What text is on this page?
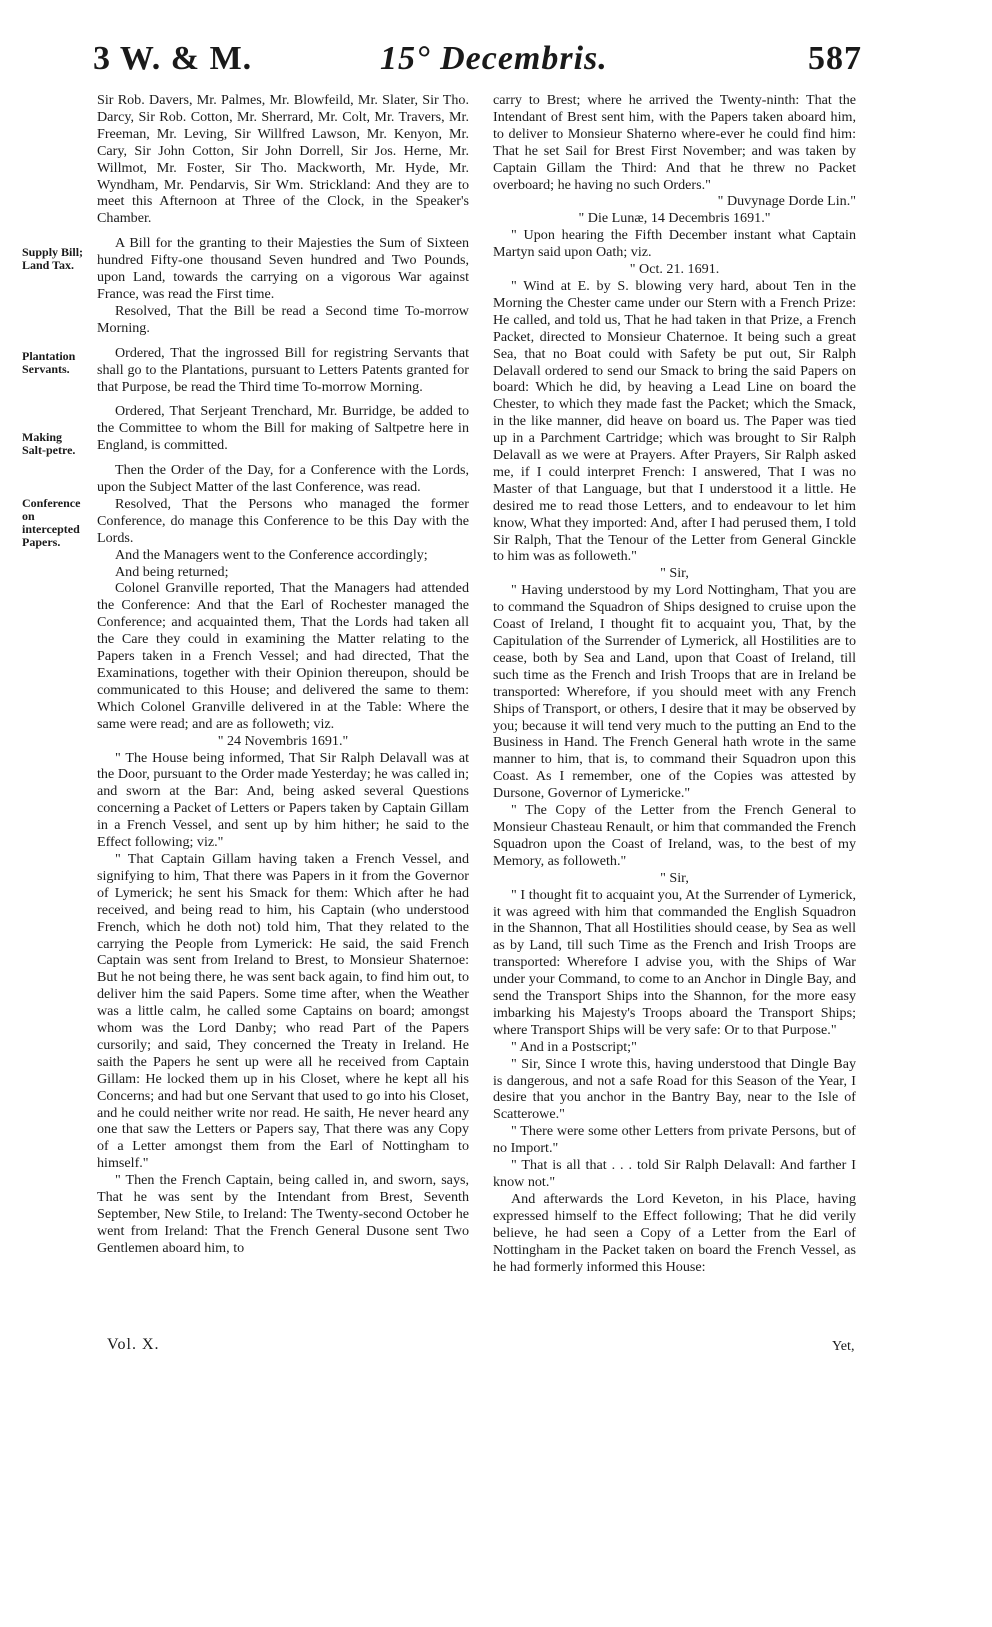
3 W. & M.	15° Decembris.	587
Supply Bill; Land Tax.
Plantation Servants.
Making Salt-petre.
Conference on intercepted Papers.

Sir Rob. Davers, Mr. Palmes, Mr. Blowfeild, Mr. Slater, Sir Tho. Darcy, Sir Rob. Cotton, Mr. Sherrard, Mr. Colt, Mr. Travers, Mr. Freeman, Mr. Leving, Sir Willfred Lawson, Mr. Kenyon, Mr. Cary, Sir John Cotton, Sir John Dorrell, Sir Jos. Herne, Mr. Willmot, Mr. Foster, Sir Tho. Mackworth, Mr. Hyde, Mr. Wyndham, Mr. Pendarvis, Sir Wm. Strickland: And they are to meet this Afternoon at Three of the Clock, in the Speaker's Chamber.

A Bill for the granting to their Majesties the Sum of Sixteen hundred Fifty-one thousand Seven hundred and Two Pounds, upon Land, towards the carrying on a vigorous War against France, was read the First time.

Resolved, That the Bill be read a Second time To-morrow Morning.

Ordered, That the ingrossed Bill for registring Servants that shall go to the Plantations, pursuant to Letters Patents granted for that Purpose, be read the Third time To-morrow Morning.

Ordered, That Serjeant Trenchard, Mr. Burridge, be added to the Committee to whom the Bill for making of Saltpetre here in England, is committed.

Then the Order of the Day, for a Conference with the Lords, upon the Subject Matter of the last Conference, was read.

Resolved, That the Persons who managed the former Conference, do manage this Conference to be this Day with the Lords.

And the Managers went to the Conference accordingly;

And being returned;

Colonel Granville reported, That the Managers had attended the Conference: And that the Earl of Rochester managed the Conference; and acquainted them, That the Lords had taken all the Care they could in examining the Matter relating to the Papers taken in a French Vessel; and had directed, That the Examinations, together with their Opinion thereupon, should be communicated to this House; and delivered the same to them: Which Colonel Granville delivered in at the Table: Where the same were read; and are as followeth; viz.

" 24 Novembris 1691."

" The House being informed, That Sir Ralph Delavall was at the Door, pursuant to the Order made Yesterday; he was called in; and sworn at the Bar: And, being asked several Questions concerning a Packet of Letters or Papers taken by Captain Gillam in a French Vessel, and sent up by him hither; he said to the Effect following; viz."

" That Captain Gillam having taken a French Vessel, and signifying to him, That there was Papers in it from the Governor of Lymerick; he sent his Smack for them: Which after he had received, and being read to him, his Captain (who understood French, which he doth not) told him, That they related to the carrying the People from Lymerick: He said, the said French Captain was sent from Ireland to Brest, to Monsieur Shaternoe: But he not being there, he was sent back again, to find him out, to deliver him the said Papers. Some time after, when the Weather was a little calm, he called some Captains on board; amongst whom was the Lord Danby; who read Part of the Papers cursorily; and said, They concerned the Treaty in Ireland. He saith the Papers he sent up were all he received from Captain Gillam: He locked them up in his Closet, where he kept all his Concerns; and had but one Servant that used to go into his Closet, and he could neither write nor read. He saith, He never heard any one that saw the Letters or Papers say, That there was any Copy of a Letter amongst them from the Earl of Nottingham to himself."

" Then the French Captain, being called in, and sworn, says, That he was sent by the Intendant from Brest, Seventh September, New Stile, to Ireland: The Twenty-second October he went from Ireland: That the French General Dusone sent Two Gentlemen aboard him, to

carry to Brest; where he arrived the Twenty-ninth: That the Intendant of Brest sent him, with the Papers taken aboard him, to deliver to Monsieur Shaterno where-ever he could find him: That he set Sail for Brest First November; and was taken by Captain Gillam the Third: And that he threw no Packet overboard; he having no such Orders."

" Duvynage Dorde Lin."

" Die Lunæ, 14 Decembris 1691."

" Upon hearing the Fifth December instant what Captain Martyn said upon Oath; viz.

" Oct. 21. 1691.

" Wind at E. by S. blowing very hard, about Ten in the Morning the Chester came under our Stern with a French Prize: He called, and told us, That he had taken in that Prize, a French Packet, directed to Monsieur Chaternoe. It being such a great Sea, that no Boat could with Safety be put out, Sir Ralph Delavall ordered to send our Smack to bring the said Papers on board: Which he did, by heaving a Lead Line on board the Chester, to which they made fast the Packet; which the Smack, in the like manner, did heave on board us. The Paper was tied up in a Parchment Cartridge; which was brought to Sir Ralph Delavall as we were at Prayers. After Prayers, Sir Ralph asked me, if I could interpret French: I answered, That I was no Master of that Language, but that I understood it a little. He desired me to read those Letters, and to endeavour to let him know, What they imported: And, after I had perused them, I told Sir Ralph, That the Tenour of the Letter from General Ginckle to him was as followeth."

" Sir,

" Having understood by my Lord Nottingham, That you are to command the Squadron of Ships designed to cruise upon the Coast of Ireland, I thought fit to acquaint you, That, by the Capitulation of the Surrender of Lymerick, all Hostilities are to cease, both by Sea and Land, upon that Coast of Ireland, till such time as the French and Irish Troops that are in Ireland be transported: Wherefore, if you should meet with any French Ships of Transport, or others, I desire that it may be observed by you; because it will tend very much to the putting an End to the Business in Hand. The French General hath wrote in the same manner to him, that is, to command their Squadron upon this Coast. As I remember, one of the Copies was attested by Dursone, Governor of Lymericke."

" The Copy of the Letter from the French General to Monsieur Chasteau Renault, or him that commanded the French Squadron upon the Coast of Ireland, was, to the best of my Memory, as followeth."

" Sir,

" I thought fit to acquaint you, At the Surrender of Lymerick, it was agreed with him that commanded the English Squadron in the Shannon, That all Hostilities should cease, by Sea as well as by Land, till such Time as the French and Irish Troops are transported: Wherefore I advise you, with the Ships of War under your Command, to come to an Anchor in Dingle Bay, and send the Transport Ships into the Shannon, for the more easy imbarking his Majesty's Troops aboard the Transport Ships; where Transport Ships will be very safe: Or to that Purpose."

" And in a Postscript;"

" Sir, Since I wrote this, having understood that Dingle Bay is dangerous, and not a safe Road for this Season of the Year, I desire that you anchor in the Bantry Bay, near to the Isle of Scatterowe."

" There were some other Letters from private Persons, but of no Import."

" That is all that . . . told Sir Ralph Delavall: And farther I know not."

And afterwards the Lord Keveton, in his Place, having expressed himself to the Effect following; That he did verily believe, he had seen a Copy of a Letter from the Earl of Nottingham in the Packet taken on board the French Vessel, as he had formerly informed this House:

Vol. X.	Yet,
